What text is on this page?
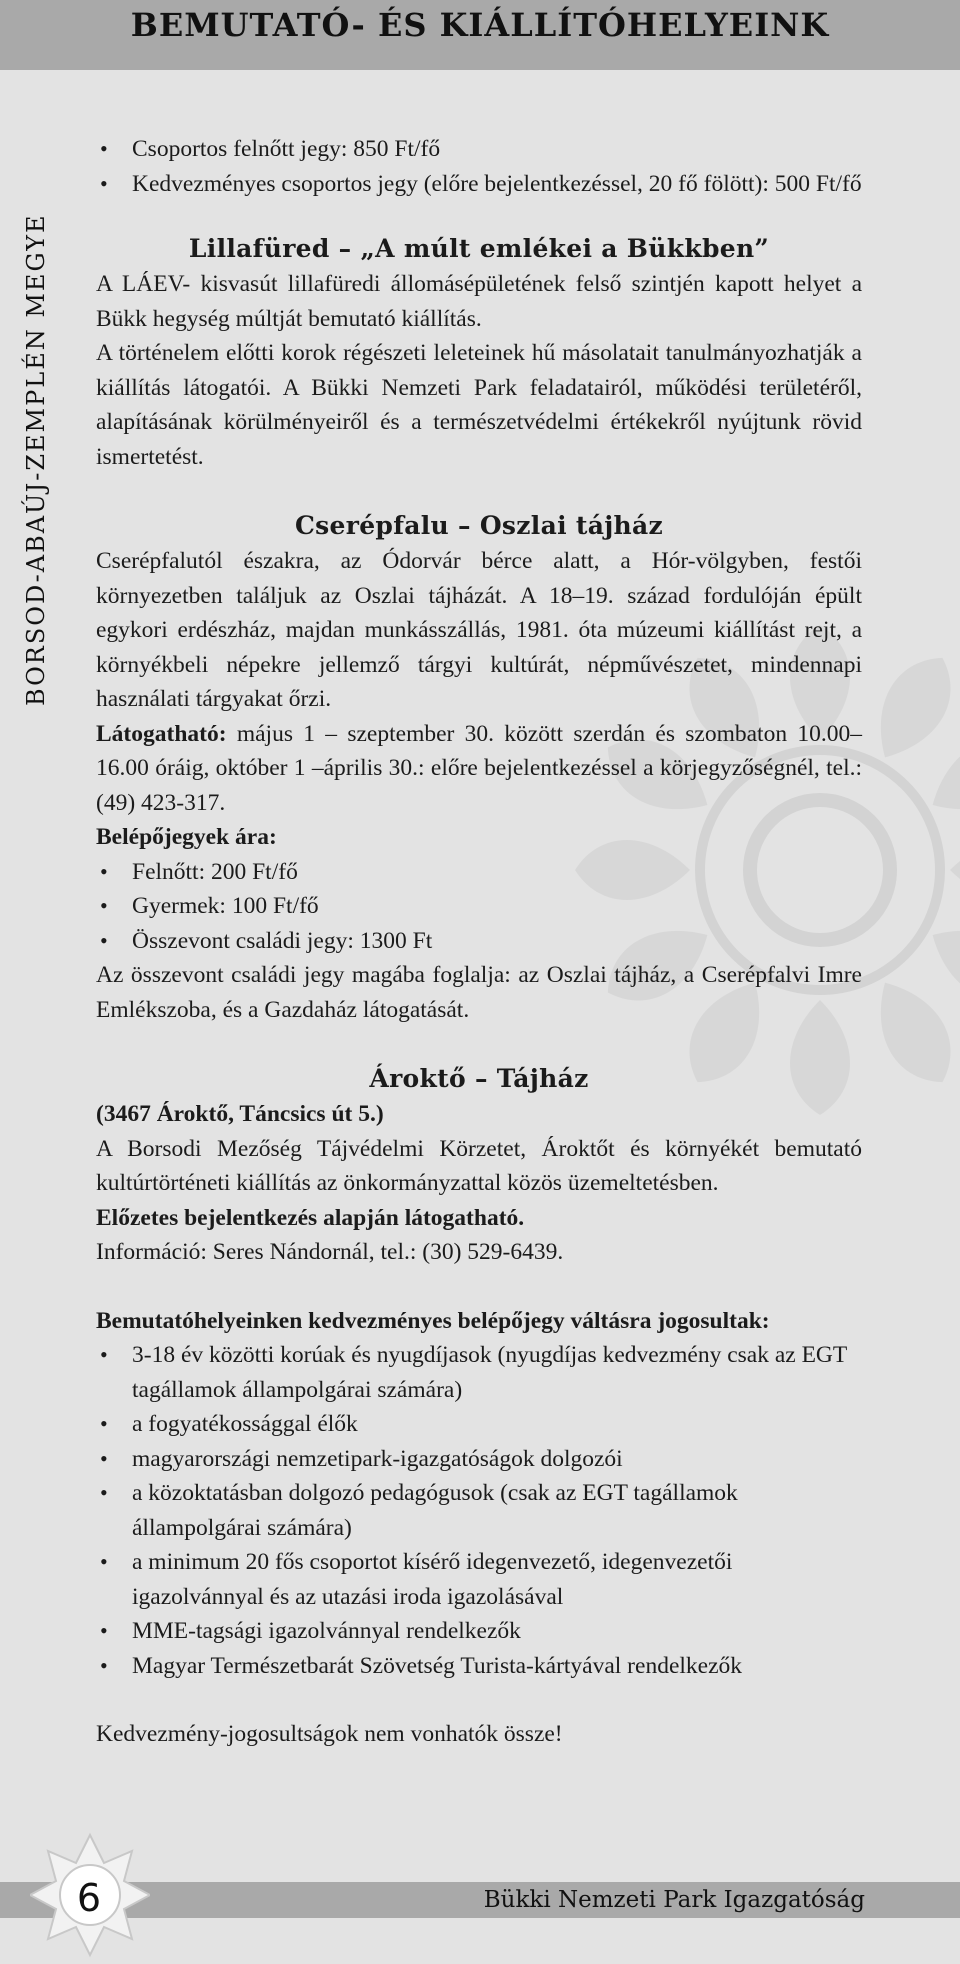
BEMUTATÓ- ÉS KIÁLLÍTÓHELYEINK
BORSOD-ABAÚJ-ZEMPLÉN MEGYE
• Csoportos felnőtt jegy: 850 Ft/fő
• Kedvezményes csoportos jegy (előre bejelentkezéssel, 20 fő fölött): 500 Ft/fő
Lillafüred – „A múlt emlékei a Bükkben”

A LÁEV- kisvasút lillafüredi állomásépületének felső szintjén kapott helyet a Bükk hegység múltját bemutató kiállítás.

A történelem előtti korok régészeti leleteinek hű másolatait tanulmányozhatják a kiállítás látogatói. A Bükki Nemzeti Park feladatairól, működési területéről, alapításának körülményeiről és a természetvédelmi értékekről nyújtunk rövid ismertetést.

Cserépfalu – Oszlai tájház

Cserépfalutól északra, az Ódorvár bérce alatt, a Hór-völgyben, festői környezetben találjuk az Oszlai tájházát. A 18–19. század fordulóján épült egykori erdészház, majdan munkásszállás, 1981. óta múzeumi kiállítást rejt, a környékbeli népekre jellemző tárgyi kultúrát, népművészetet, mindennapi használati tárgyakat őrzi.

Látogatható: május 1 – szeptember 30. között szerdán és szombaton 10.00–16.00 óráig, október 1 –április 30.: előre bejelentkezéssel a körjegyzőségnél, tel.: (49) 423-317.

Belépőjegyek ára:

• Felnőtt: 200 Ft/fő
• Gyermek: 100 Ft/fő
• Összevont családi jegy: 1300 Ft

Az összevont családi jegy magába foglalja: az Oszlai tájház, a Cserépfalvi Imre Emlékszoba, és a Gazdaház látogatását.

Ároktő – Tájház

(3467 Ároktő, Táncsics út 5.)

A Borsodi Mezőség Tájvédelmi Körzetet, Ároktőt és környékét bemutató kultúrtörténeti kiállítás az önkormányzattal közös üzemeltetésben.

Előzetes bejelentkezés alapján látogatható.

Információ: Seres Nándornál, tel.: (30) 529-6439.

Bemutatóhelyeinken kedvezményes belépőjegy váltásra jogosultak:

• 3-18 év közötti korúak és nyugdíjasok (nyugdíjas kedvezmény csak az EGT tagállamok állampolgárai számára)
• a fogyatékossággal élők
• magyarországi nemzetipark-igazgatóságok dolgozói
• a közoktatásban dolgozó pedagógusok (csak az EGT tagállamok állampolgárai számára)
• a minimum 20 fős csoportot kísérő idegenvezető, idegenvezetői igazolvánnyal és az utazási iroda igazolásával
• MME-tagsági igazolvánnyal rendelkezők
• Magyar Természetbarát Szövetség Turista-kártyával rendelkezők

Kedvezmény-jogosultságok nem vonhatók össze!

6	Bükki Nemzeti Park Igazgatóság
